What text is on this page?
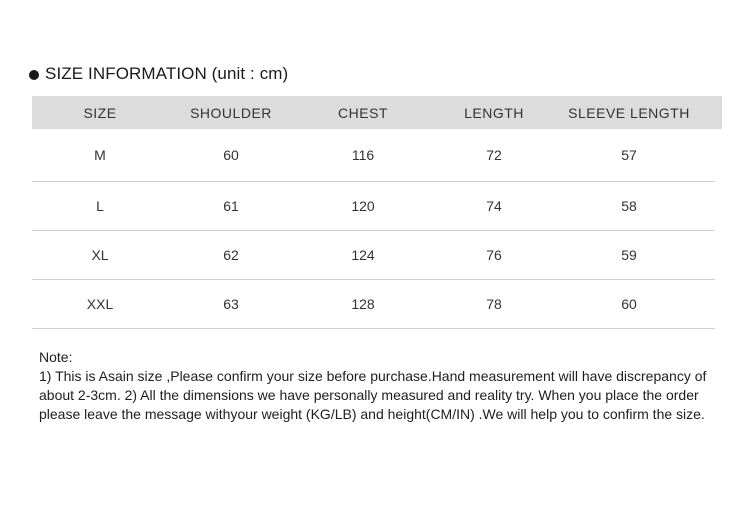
SIZE INFORMATION (unit : cm)
SIZE	SHOULDER	CHEST	LENGTH	SLEEVE LENGTH
M	60	116	72	57
L	61	120	74	58
XL	62	124	76	59
XXL	63	128	78	60

Note:

1) This is Asain size ,Please confirm your size before purchase.Hand measurement will have discrepancy of about 2-3cm. 2) All the dimensions we have personally measured and reality try. When you place the order please leave the message withyour weight (KG/LB) and height(CM/IN) .We will help you to confirm the size.
